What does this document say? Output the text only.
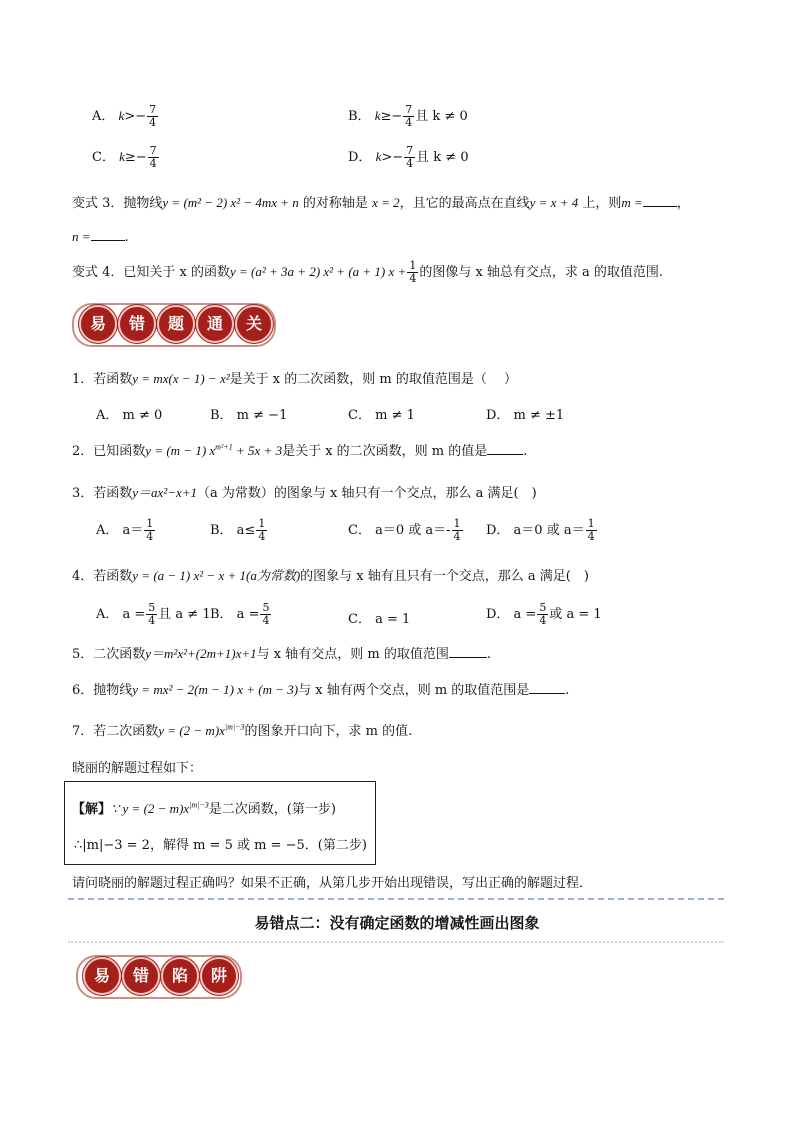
A． $k>- \frac{7}{4}$	B． $k\ge- \frac{7}{4}$ 且 k ≠ 0
C． $k\ge- \frac{7}{4}$	D． $k>- \frac{7}{4}$ 且 k ≠ 0
变式 3．抛物线y = (m² − 2) x² − 4mx + n 的对称轴是 x = 2，且它的最高点在直线y = x + 4 上，则m =	，
n =	.
变式 4．已知关于 x 的函数y = (a² + 3a + 2) x² + (a + 1) $x + \frac{1}{4}$ 的图像与 x 轴总有交点，求 a 的取值范围.
易	错	题	通	关
1．若函数y = mx(x − 1) − x²是关于 x 的二次函数，则 m 的取值范围是（　 ）
A． m ≠ 0	B． m ≠ −1	C． m ≠ 1	D． m ≠ ±1
2．已知函数y = (m − 1) $x^{m^2+1} + 5x + 3$是关于 x 的二次函数，则 m 的值是	.
3．若函数y＝ax²−x+1（a 为常数）的图象与 x 轴只有一个交点，那么 a 满足(　)
A． $a= \frac{1}{4}$	B． $a\le \frac{1}{4}$	C． a＝0 或 $a=- \frac{1}{4}$ D． a＝0 或 $a= \frac{1}{4}$
4．若函数y = (a − 1) x² − x + 1(a为常数)的图象与 x 轴有且只有一个交点，那么 a 满足(　)
A． $a = \frac{5}{4}$ 且 a ≠ 1 B． $a = \frac{5}{4}$	C． a = 1	D． $a = \frac{5}{4}$ 或 a = 1
5．二次函数y＝m²x²+(2m+1)x+1与 x 轴有交点，则 m 的取值范围	.
6．抛物线y = mx² − 2(m − 1) x + (m − 3)与 x 轴有两个交点，则 m 的取值范围是	.
7．若二次函数$y = (2 - m)x^{|m|-3}$的图象开口向下，求 m 的值.
晓丽的解题过程如下：
【解】∵ $y = (2 - m)x^{|m|-3}$是二次函数，(第一步)
∴|m|−3 = 2，解得 m = 5 或 m = −5．(第二步)
请问晓丽的解题过程正确吗？如果不正确，从第几步开始出现错误，写出正确的解题过程．
易错点二：没有确定函数的增减性画出图象
易	错	陷	阱
